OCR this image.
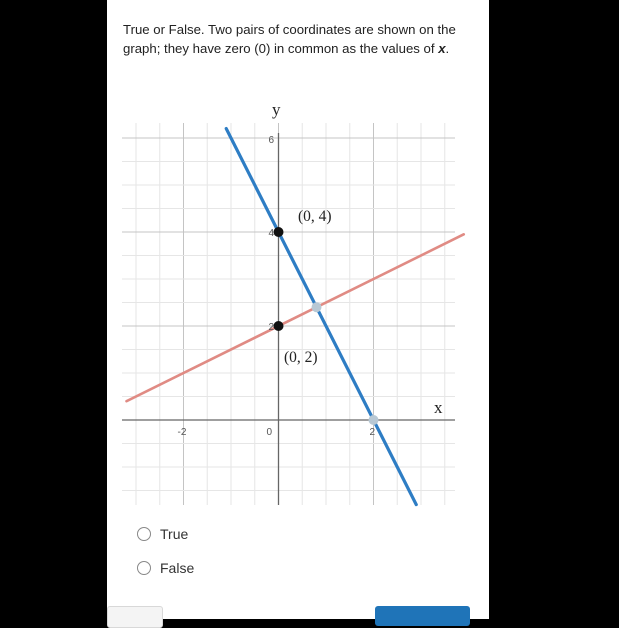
True or False. Two pairs of coordinates are shown on the graph; they have zero (0) in common as the values of x.

-2	0	2
6
4
2
x
y
(0, 4)
(0, 2)
True
False
